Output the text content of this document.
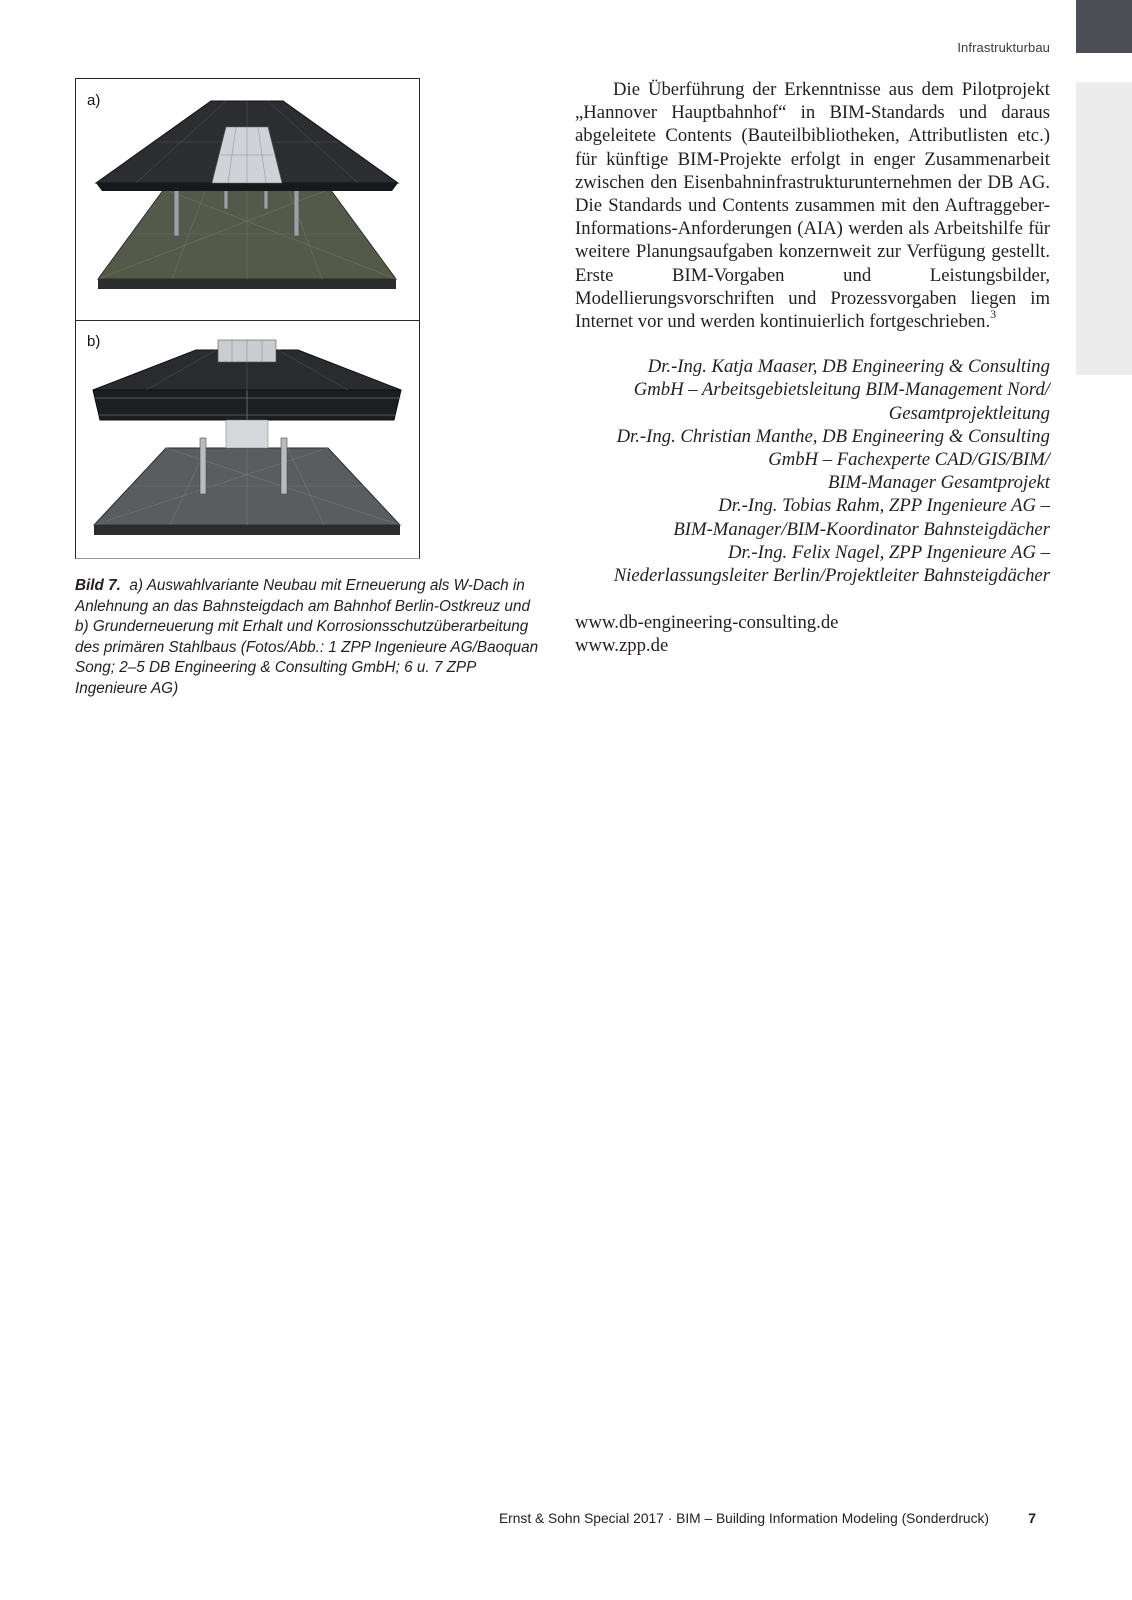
Infrastrukturbau
a)
b)
Bild 7. a) Auswahlvariante Neubau mit Erneuerung als W-Dach in Anlehnung an das Bahnsteigdach am Bahnhof Berlin-Ostkreuz und b) Grunderneuerung mit Erhalt und Korrosionsschutzüberarbeitung des primären Stahlbaus (Fotos/Abb.: 1 ZPP Ingenieure AG/Baoquan Song; 2–5 DB Engineering & Consulting GmbH; 6 u. 7 ZPP Ingenieure AG)

Die Überführung der Erkenntnisse aus dem Pilotprojekt „Hannover Hauptbahnhof“ in BIM-Standards und daraus abgeleitete Contents (Bauteilbibliotheken, Attributlisten etc.) für künftige BIM-Projekte erfolgt in enger Zusammenarbeit zwischen den Eisenbahninfrastrukturunternehmen der DB AG. Die Standards und Contents zusammen mit den Auftraggeber-Informations-Anforderungen (AIA) werden als Arbeitshilfe für weitere Planungsaufgaben konzernweit zur Verfügung gestellt. Erste BIM-Vorgaben und Leistungsbilder, Modellierungsvorschriften und Prozessvorgaben liegen im Internet vor und werden kontinuierlich fortgeschrieben.$^3$

Dr.-Ing. Katja Maaser, DB Engineering & Consulting
GmbH – Arbeitsgebietsleitung BIM-Management Nord/
Gesamtprojektleitung
Dr.-Ing. Christian Manthe, DB Engineering & Consulting
GmbH – Fachexperte CAD/GIS/BIM/
BIM-Manager Gesamtprojekt
Dr.-Ing. Tobias Rahm, ZPP Ingenieure AG –
BIM-Manager/BIM-Koordinator Bahnsteigdächer
Dr.-Ing. Felix Nagel, ZPP Ingenieure AG –
Niederlassungsleiter Berlin/Projektleiter Bahnsteigdächer
www.db-engineering-consulting.de
www.zpp.de
Ernst & Sohn Special 2017 · BIM – Building Information Modeling (Sonderdruck)	7
